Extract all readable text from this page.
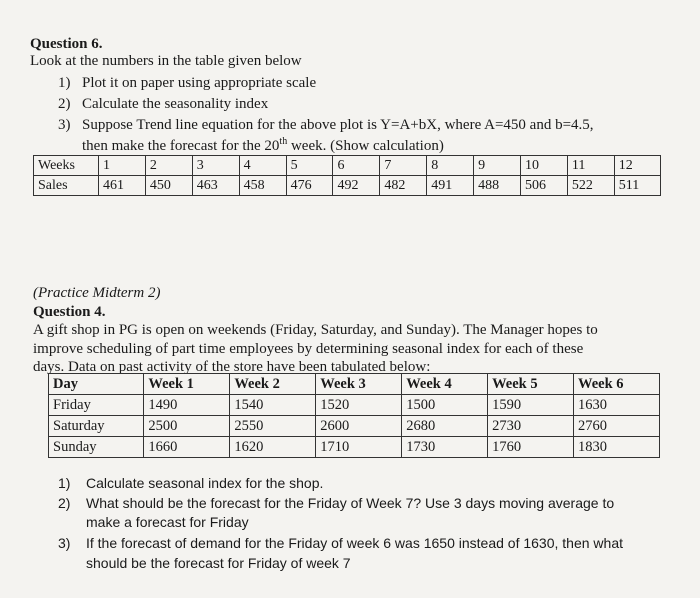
Question 6.
Look at the numbers in the table given below
1) Plot it on paper using appropriate scale
2) Calculate the seasonality index
3) Suppose Trend line equation for the above plot is Y=A+bX, where A=450 and b=4.5,
then make the forecast for the 20th week. (Show calculation)
Weeks	1	2	3	4	5	6	7	8	9	10	11	12
Sales	461	450	463	458	476	492	482	491	488	506	522	511
(Practice Midterm 2)
Question 4.
A gift shop in PG is open on weekends (Friday, Saturday, and Sunday). The Manager hopes to
improve scheduling of part time employees by determining seasonal index for each of these
days. Data on past activity of the store have been tabulated below:
Day	Week 1	Week 2	Week 3	Week 4	Week 5	Week 6
Friday	1490	1540	1520	1500	1590	1630
Saturday	2500	2550	2600	2680	2730	2760
Sunday	1660	1620	1710	1730	1760	1830
1) Calculate seasonal index for the shop.
2) What should be the forecast for the Friday of Week 7? Use 3 days moving average to
make a forecast for Friday
3) If the forecast of demand for the Friday of week 6 was 1650 instead of 1630, then what
should be the forecast for Friday of week 7
